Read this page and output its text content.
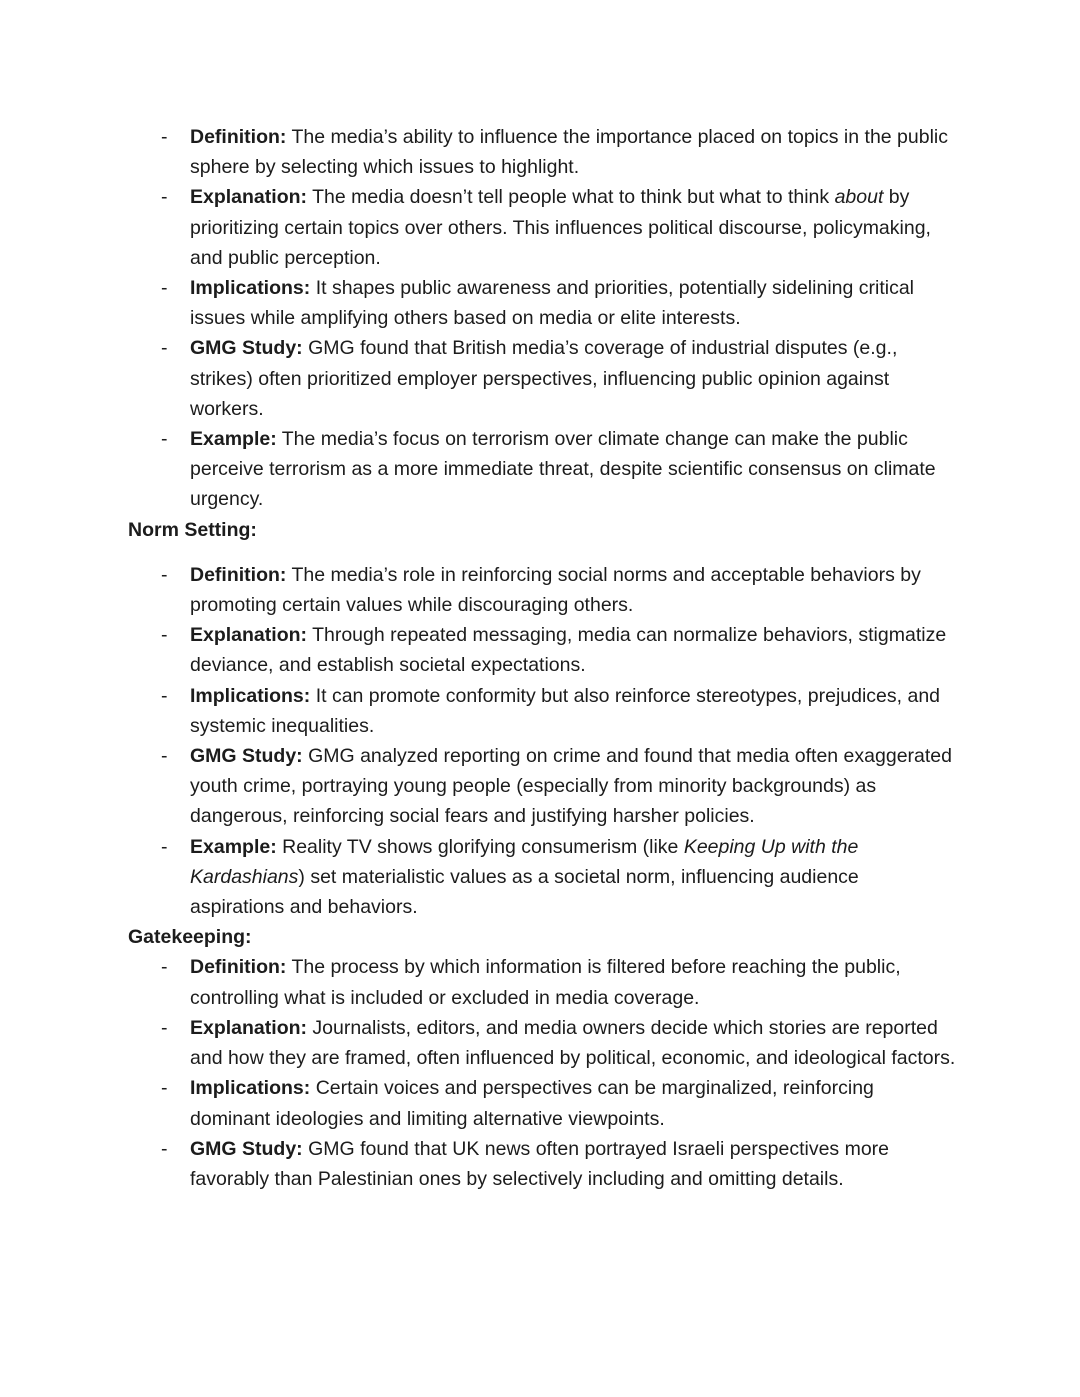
- Definition: The media’s ability to influence the importance placed on topics in the public sphere by selecting which issues to highlight.
- Explanation: The media doesn’t tell people what to think but what to think about by prioritizing certain topics over others. This influences political discourse, policymaking, and public perception.
- Implications: It shapes public awareness and priorities, potentially sidelining critical issues while amplifying others based on media or elite interests.
- GMG Study: GMG found that British media’s coverage of industrial disputes (e.g., strikes) often prioritized employer perspectives, influencing public opinion against workers.
- Example: The media’s focus on terrorism over climate change can make the public perceive terrorism as a more immediate threat, despite scientific consensus on climate urgency.

Norm Setting:

- Definition: The media’s role in reinforcing social norms and acceptable behaviors by promoting certain values while discouraging others.
- Explanation: Through repeated messaging, media can normalize behaviors, stigmatize deviance, and establish societal expectations.
- Implications: It can promote conformity but also reinforce stereotypes, prejudices, and systemic inequalities.
- GMG Study: GMG analyzed reporting on crime and found that media often exaggerated youth crime, portraying young people (especially from minority backgrounds) as dangerous, reinforcing social fears and justifying harsher policies.
- Example: Reality TV shows glorifying consumerism (like Keeping Up with the Kardashians) set materialistic values as a societal norm, influencing audience aspirations and behaviors.

Gatekeeping:

- Definition: The process by which information is filtered before reaching the public, controlling what is included or excluded in media coverage.
- Explanation: Journalists, editors, and media owners decide which stories are reported and how they are framed, often influenced by political, economic, and ideological factors.
- Implications: Certain voices and perspectives can be marginalized, reinforcing dominant ideologies and limiting alternative viewpoints.
- GMG Study: GMG found that UK news often portrayed Israeli perspectives more favorably than Palestinian ones by selectively including and omitting details.
